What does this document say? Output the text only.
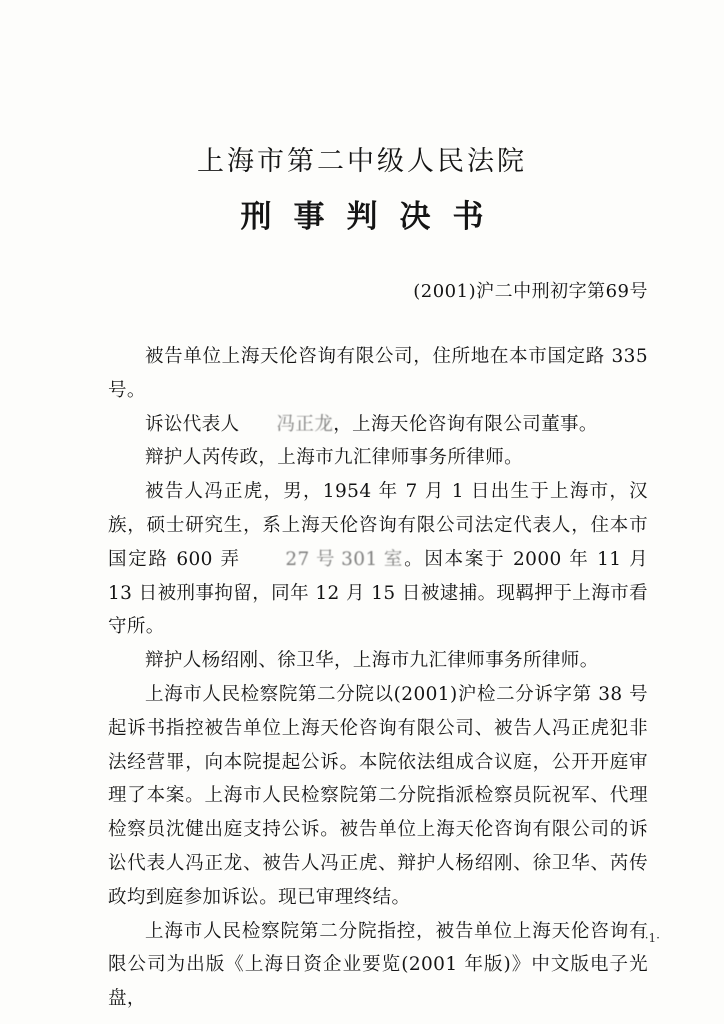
上海市第二中级人民法院
刑事判决书
(2001)沪二中刑初字第69号

被告单位上海天伦咨询有限公司，住所地在本市国定路 335 号。

诉讼代表人 冯正龙，上海天伦咨询有限公司董事。

辩护人芮传政，上海市九汇律师事务所律师。

被告人冯正虎，男，1954 年 7 月 1 日出生于上海市，汉族，硕士研究生，系上海天伦咨询有限公司法定代表人，住本市国定路 600 弄 27 号 301 室。因本案于 2000 年 11 月 13 日被刑事拘留，同年 12 月 15 日被逮捕。现羁押于上海市看守所。

辩护人杨绍刚、徐卫华，上海市九汇律师事务所律师。

上海市人民检察院第二分院以(2001)沪检二分诉字第 38 号起诉书指控被告单位上海天伦咨询有限公司、被告人冯正虎犯非法经营罪，向本院提起公诉。本院依法组成合议庭，公开开庭审理了本案。上海市人民检察院第二分院指派检察员阮祝军、代理检察员沈健出庭支持公诉。被告单位上海天伦咨询有限公司的诉讼代表人冯正龙、被告人冯正虎、辩护人杨绍刚、徐卫华、芮传政均到庭参加诉讼。现已审理终结。

上海市人民检察院第二分院指控，被告单位上海天伦咨询有限公司为出版《上海日资企业要览(2001 年版)》中文版电子光盘，

·1·
